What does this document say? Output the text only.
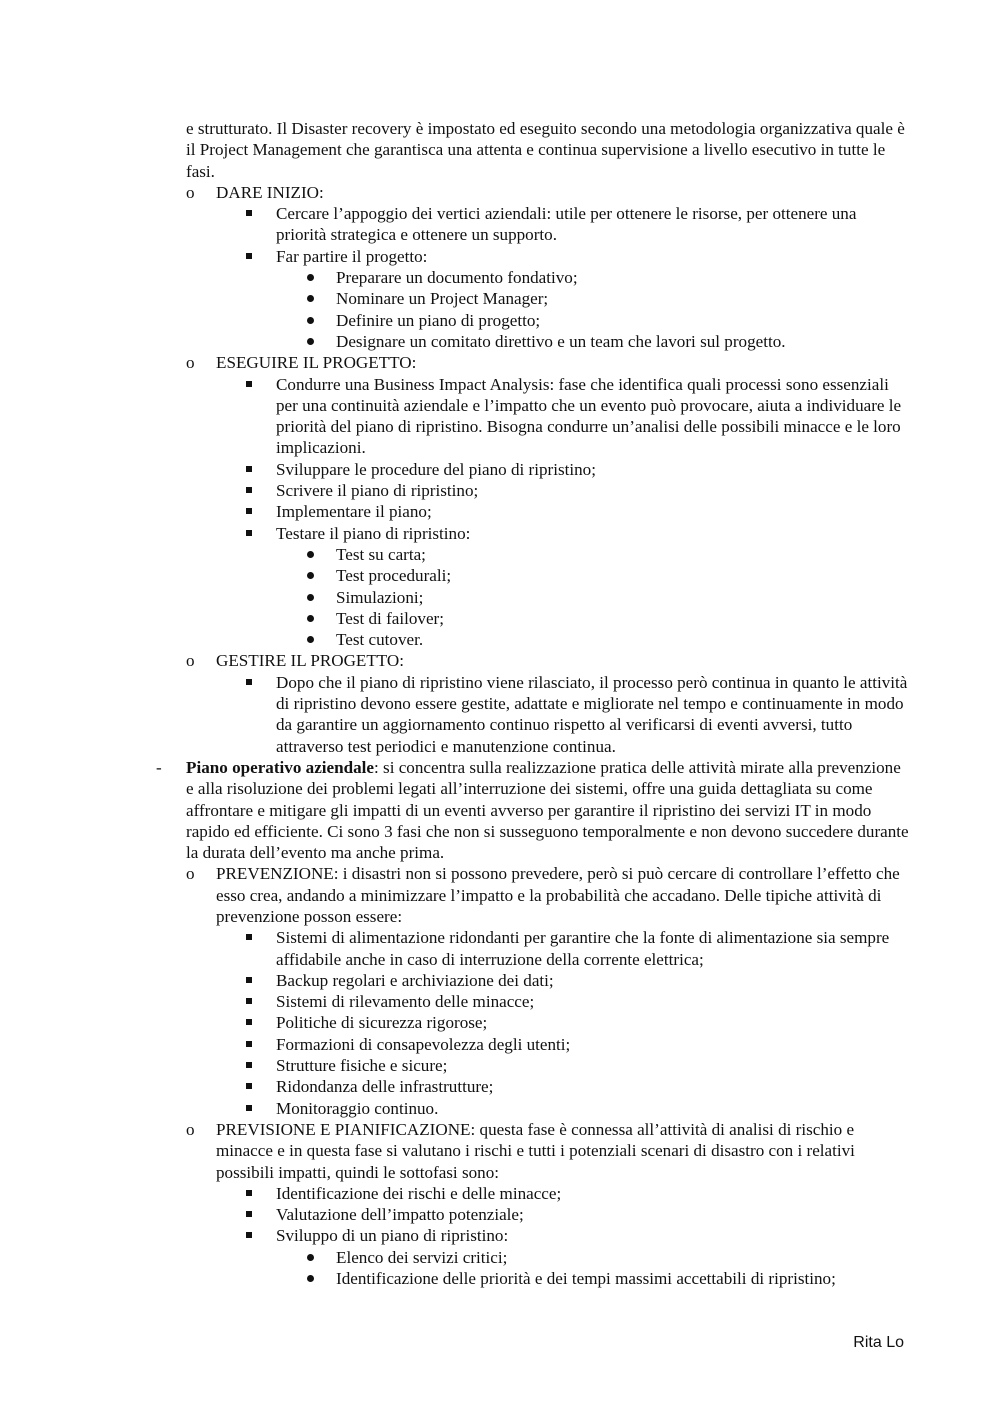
e strutturato. Il Disaster recovery è impostato ed eseguito secondo una metodologia organizzativa quale è il Project Management che garantisca una attenta e continua supervisione a livello esecutivo in tutte le fasi.
o DARE INIZIO:
Cercare l’appoggio dei vertici aziendali: utile per ottenere le risorse, per ottenere una priorità strategica e ottenere un supporto.
Far partire il progetto:
Preparare un documento fondativo;
Nominare un Project Manager;
Definire un piano di progetto;
Designare un comitato direttivo e un team che lavori sul progetto.
o ESEGUIRE IL PROGETTO:
Condurre una Business Impact Analysis: fase che identifica quali processi sono essenziali per una continuità aziendale e l’impatto che un evento può provocare, aiuta a individuare le priorità del piano di ripristino. Bisogna condurre un’analisi delle possibili minacce e le loro implicazioni.
Sviluppare le procedure del piano di ripristino;
Scrivere il piano di ripristino;
Implementare il piano;
Testare il piano di ripristino:
Test su carta;
Test procedurali;
Simulazioni;
Test di failover;
Test cutover.
o GESTIRE IL PROGETTO:
Dopo che il piano di ripristino viene rilasciato, il processo però continua in quanto le attività di ripristino devono essere gestite, adattate e migliorate nel tempo e continuamente in modo da garantire un aggiornamento continuo rispetto al verificarsi di eventi avversi, tutto attraverso test periodici e manutenzione continua.
- Piano operativo aziendale: si concentra sulla realizzazione pratica delle attività mirate alla prevenzione e alla risoluzione dei problemi legati all’interruzione dei sistemi, offre una guida dettagliata su come affrontare e mitigare gli impatti di un eventi avverso per garantire il ripristino dei servizi IT in modo rapido ed efficiente. Ci sono 3 fasi che non si susseguono temporalmente e non devono succedere durante la durata dell’evento ma anche prima.
o PREVENZIONE: i disastri non si possono prevedere, però si può cercare di controllare l’effetto che esso crea, andando a minimizzare l’impatto e la probabilità che accadano. Delle tipiche attività di prevenzione posson essere:
Sistemi di alimentazione ridondanti per garantire che la fonte di alimentazione sia sempre affidabile anche in caso di interruzione della corrente elettrica;
Backup regolari e archiviazione dei dati;
Sistemi di rilevamento delle minacce;
Politiche di sicurezza rigorose;
Formazioni di consapevolezza degli utenti;
Strutture fisiche e sicure;
Ridondanza delle infrastrutture;
Monitoraggio continuo.
o PREVISIONE E PIANIFICAZIONE: questa fase è connessa all’attività di analisi di rischio e minacce e in questa fase si valutano i rischi e tutti i potenziali scenari di disastro con i relativi possibili impatti, quindi le sottofasi sono:
Identificazione dei rischi e delle minacce;
Valutazione dell’impatto potenziale;
Sviluppo di un piano di ripristino:
Elenco dei servizi critici;
Identificazione delle priorità e dei tempi massimi accettabili di ripristino;
Rita Lo
